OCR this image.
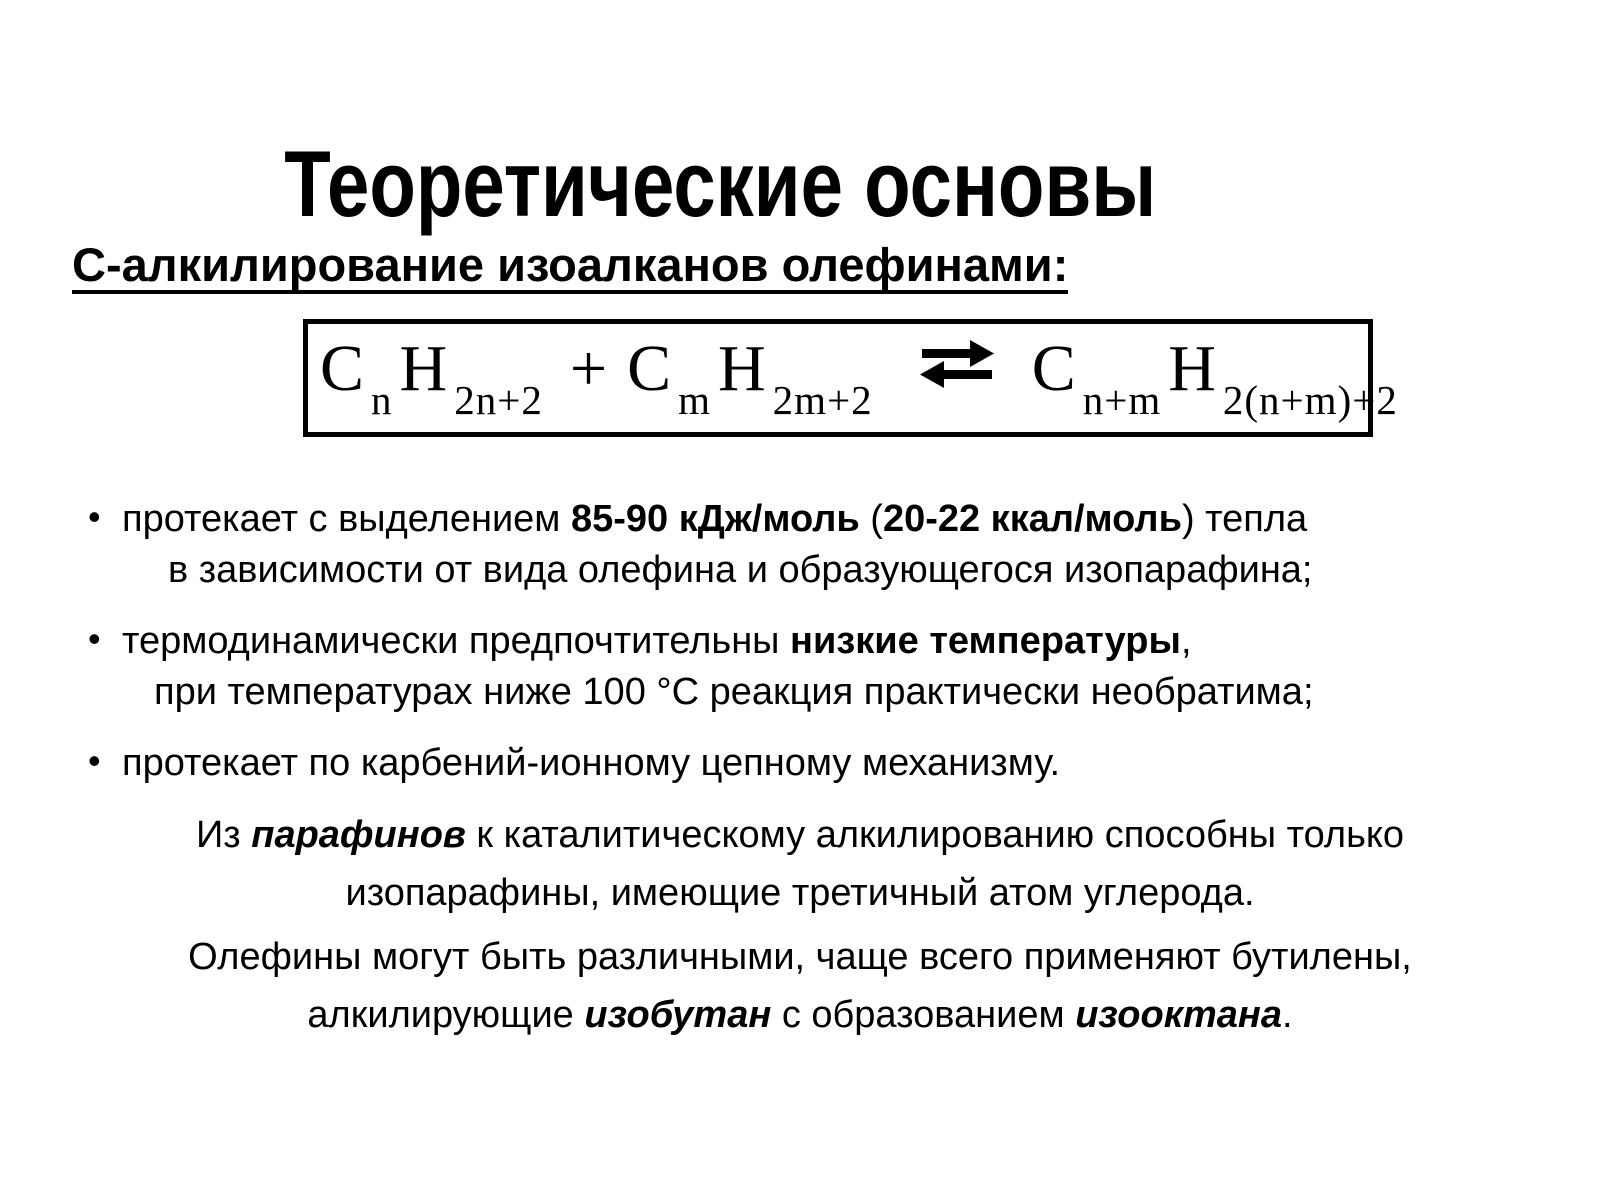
Теоретические основы
С-алкилирование изоалканов олефинами:
C $_n$ H $_{2n+2}$ + C $_m$ H $_{2m+2}$ ⇌ C $_{n+m}$ H $_{2(n+m)+2}$
• протекает с выделением 85-90 кДж/моль (20-22 ккал/моль) тепла
в зависимости от вида олефина и образующегося изопарафина;
• термодинамически предпочтительны низкие температуры,
при температурах ниже 100 °С реакция практически необратима;
• протекает по карбений-ионному цепному механизму.
Из парафинов к каталитическому алкилированию способны только
изопарафины, имеющие третичный атом углерода.
Олефины могут быть различными, чаще всего применяют бутилены,
алкилирующие изобутан с образованием изооктана.
